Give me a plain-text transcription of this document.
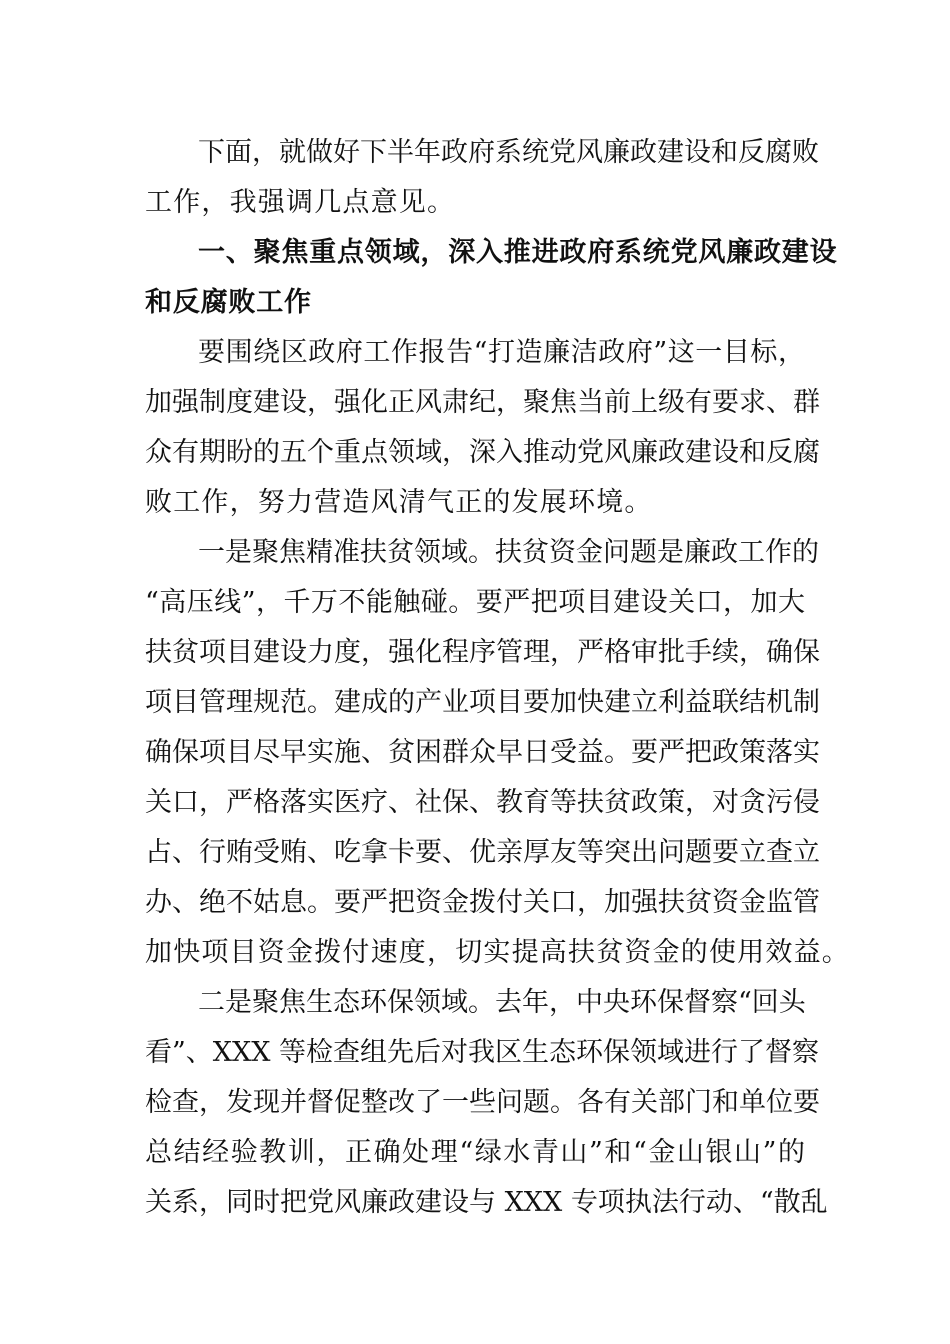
下面，就做好下半年政府系统党风廉政建设和反腐败
工作，我强调几点意见。
一、聚焦重点领域，深入推进政府系统党风廉政建设
和反腐败工作
要围绕区政府工作报告“打造廉洁政府”这一目标，
加强制度建设，强化正风肃纪，聚焦当前上级有要求、群
众有期盼的五个重点领域，深入推动党风廉政建设和反腐
败工作，努力营造风清气正的发展环境。
一是聚焦精准扶贫领域。扶贫资金问题是廉政工作的
“高压线”，千万不能触碰。要严把项目建设关口，加大
扶贫项目建设力度，强化程序管理，严格审批手续，确保
项目管理规范。建成的产业项目要加快建立利益联结机制
确保项目尽早实施、贫困群众早日受益。要严把政策落实
关口，严格落实医疗、社保、教育等扶贫政策，对贪污侵
占、行贿受贿、吃拿卡要、优亲厚友等突出问题要立查立
办、绝不姑息。要严把资金拨付关口，加强扶贫资金监管
加快项目资金拨付速度，切实提高扶贫资金的使用效益。
二是聚焦生态环保领域。去年，中央环保督察“回头
看”、XXX 等检查组先后对我区生态环保领域进行了督察
检查，发现并督促整改了一些问题。各有关部门和单位要
总结经验教训，正确处理“绿水青山”和“金山银山”的
关系，同时把党风廉政建设与 XXX 专项执法行动、“散乱
